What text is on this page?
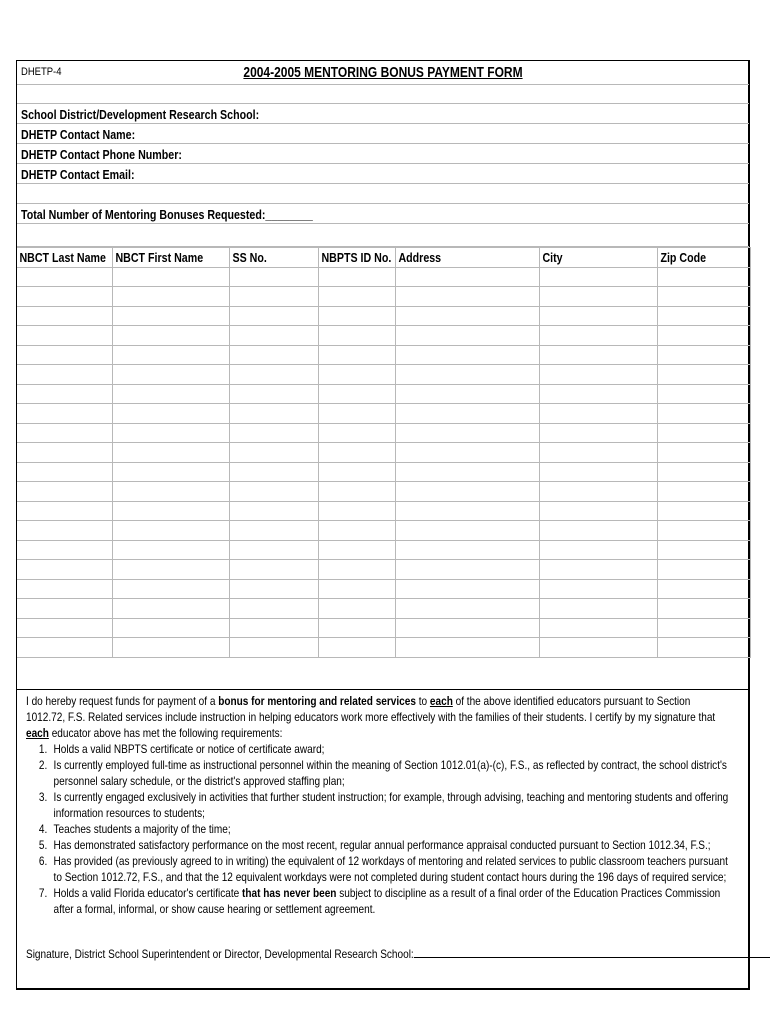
DHETP-4	2004-2005 MENTORING BONUS PAYMENT FORM
School District/Development Research School:
DHETP Contact Name:
DHETP Contact Phone Number:
DHETP Contact Email:
Total Number of Mentoring Bonuses Requested:________
NBCT Last Name	NBCT First Name	SS No.	NBPTS ID No.	Address	City	Zip Code

I do hereby request funds for payment of a bonus for mentoring and related services to each of the above identified educators pursuant to Section 1012.72, F.S. Related services include instruction in helping educators work more effectively with the families of their students. I certify by my signature that each educator above has met the following requirements:

1. Holds a valid NBPTS certificate or notice of certificate award;
2. Is currently employed full-time as instructional personnel within the meaning of Section 1012.01(a)-(c), F.S., as reflected by contract, the school district's personnel salary schedule, or the district's approved staffing plan;
3. Is currently engaged exclusively in activities that further student instruction; for example, through advising, teaching and mentoring students and offering information resources to students;
4. Teaches students a majority of the time;
5. Has demonstrated satisfactory performance on the most recent, regular annual performance appraisal conducted pursuant to Section 1012.34, F.S.;
6. Has provided (as previously agreed to in writing) the equivalent of 12 workdays of mentoring and related services to public classroom teachers pursuant to Section 1012.72, F.S., and that the 12 equivalent workdays were not completed during student contact hours during the 196 days of required service;
7. Holds a valid Florida educator's certificate that has never been subject to discipline as a result of a final order of the Education Practices Commission after a formal, informal, or show cause hearing or settlement agreement.
Signature, District School Superintendent or Director, Developmental Research School:
